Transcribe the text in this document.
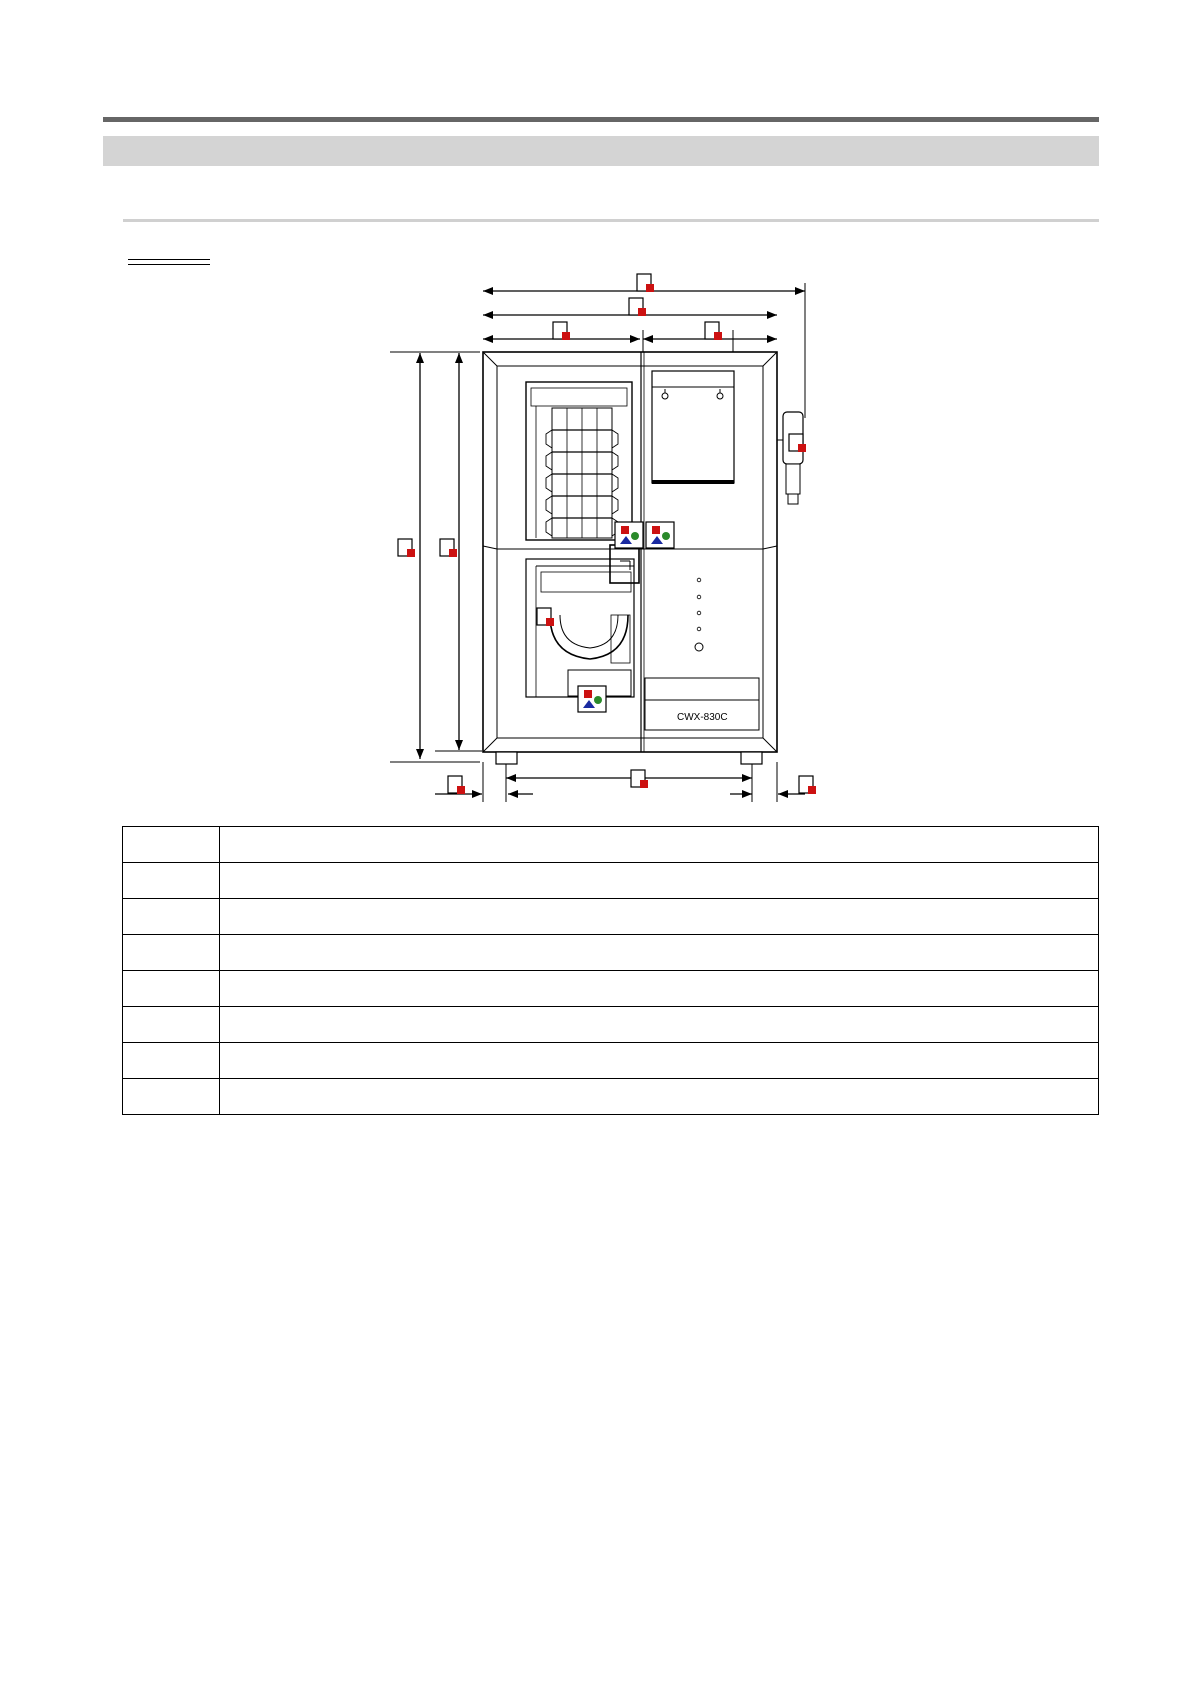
CWX-830C
